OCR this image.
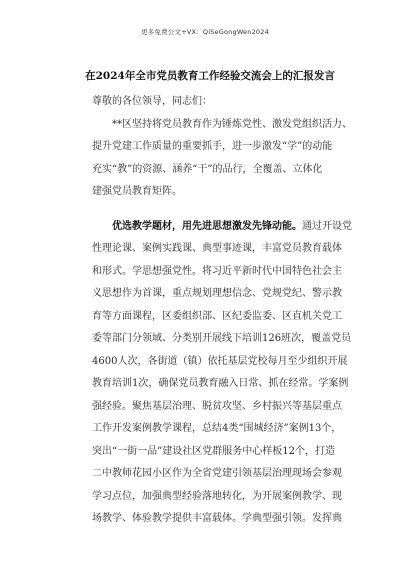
更多免费公文+VX：QiSeGongWen2024
在2024年全市党员教育工作经验交流会上的汇报发言
尊敬的各位领导，同志们：
**区坚持将党员教育作为锤炼党性、激发党组织活力、
提升党建工作质量的重要抓手，进一步激发“学”的动能
充实“教”的资源、涵养“干”的品行，全覆盖、立体化
建强党员教育矩阵。
优选教学题材，用先进思想激发先锋动能。通过开设党
性理论课、案例实践课、典型事迹课，丰富党员教育载体
和形式。学思想强党性。将习近平新时代中国特色社会主
义思想作为首课，重点规划理想信念、党规党纪、警示教
育等方面课程，区委组织部、区纪委监委、区直机关党工
委等部门分领域、分类别开展线下培训126班次，覆盖党员
4600人次，各街道（镇）依托基层党校每月至少组织开展
教育培训1次，确保党员教育融入日常、抓在经常。学案例
强经验。聚焦基层治理、脱贫攻坚、乡村振兴等基层重点
工作开发案例教学课程，总结4类“围城经济”案例13个，
突出“一街一品”建设社区党群服务中心样板12个，打造
二中教师花园小区作为全省党建引领基层治理现场会参观
学习点位，加强典型经验落地转化，为开展案例教学、现
场教学、体验教学提供丰富载体。学典型强引领。发挥典
